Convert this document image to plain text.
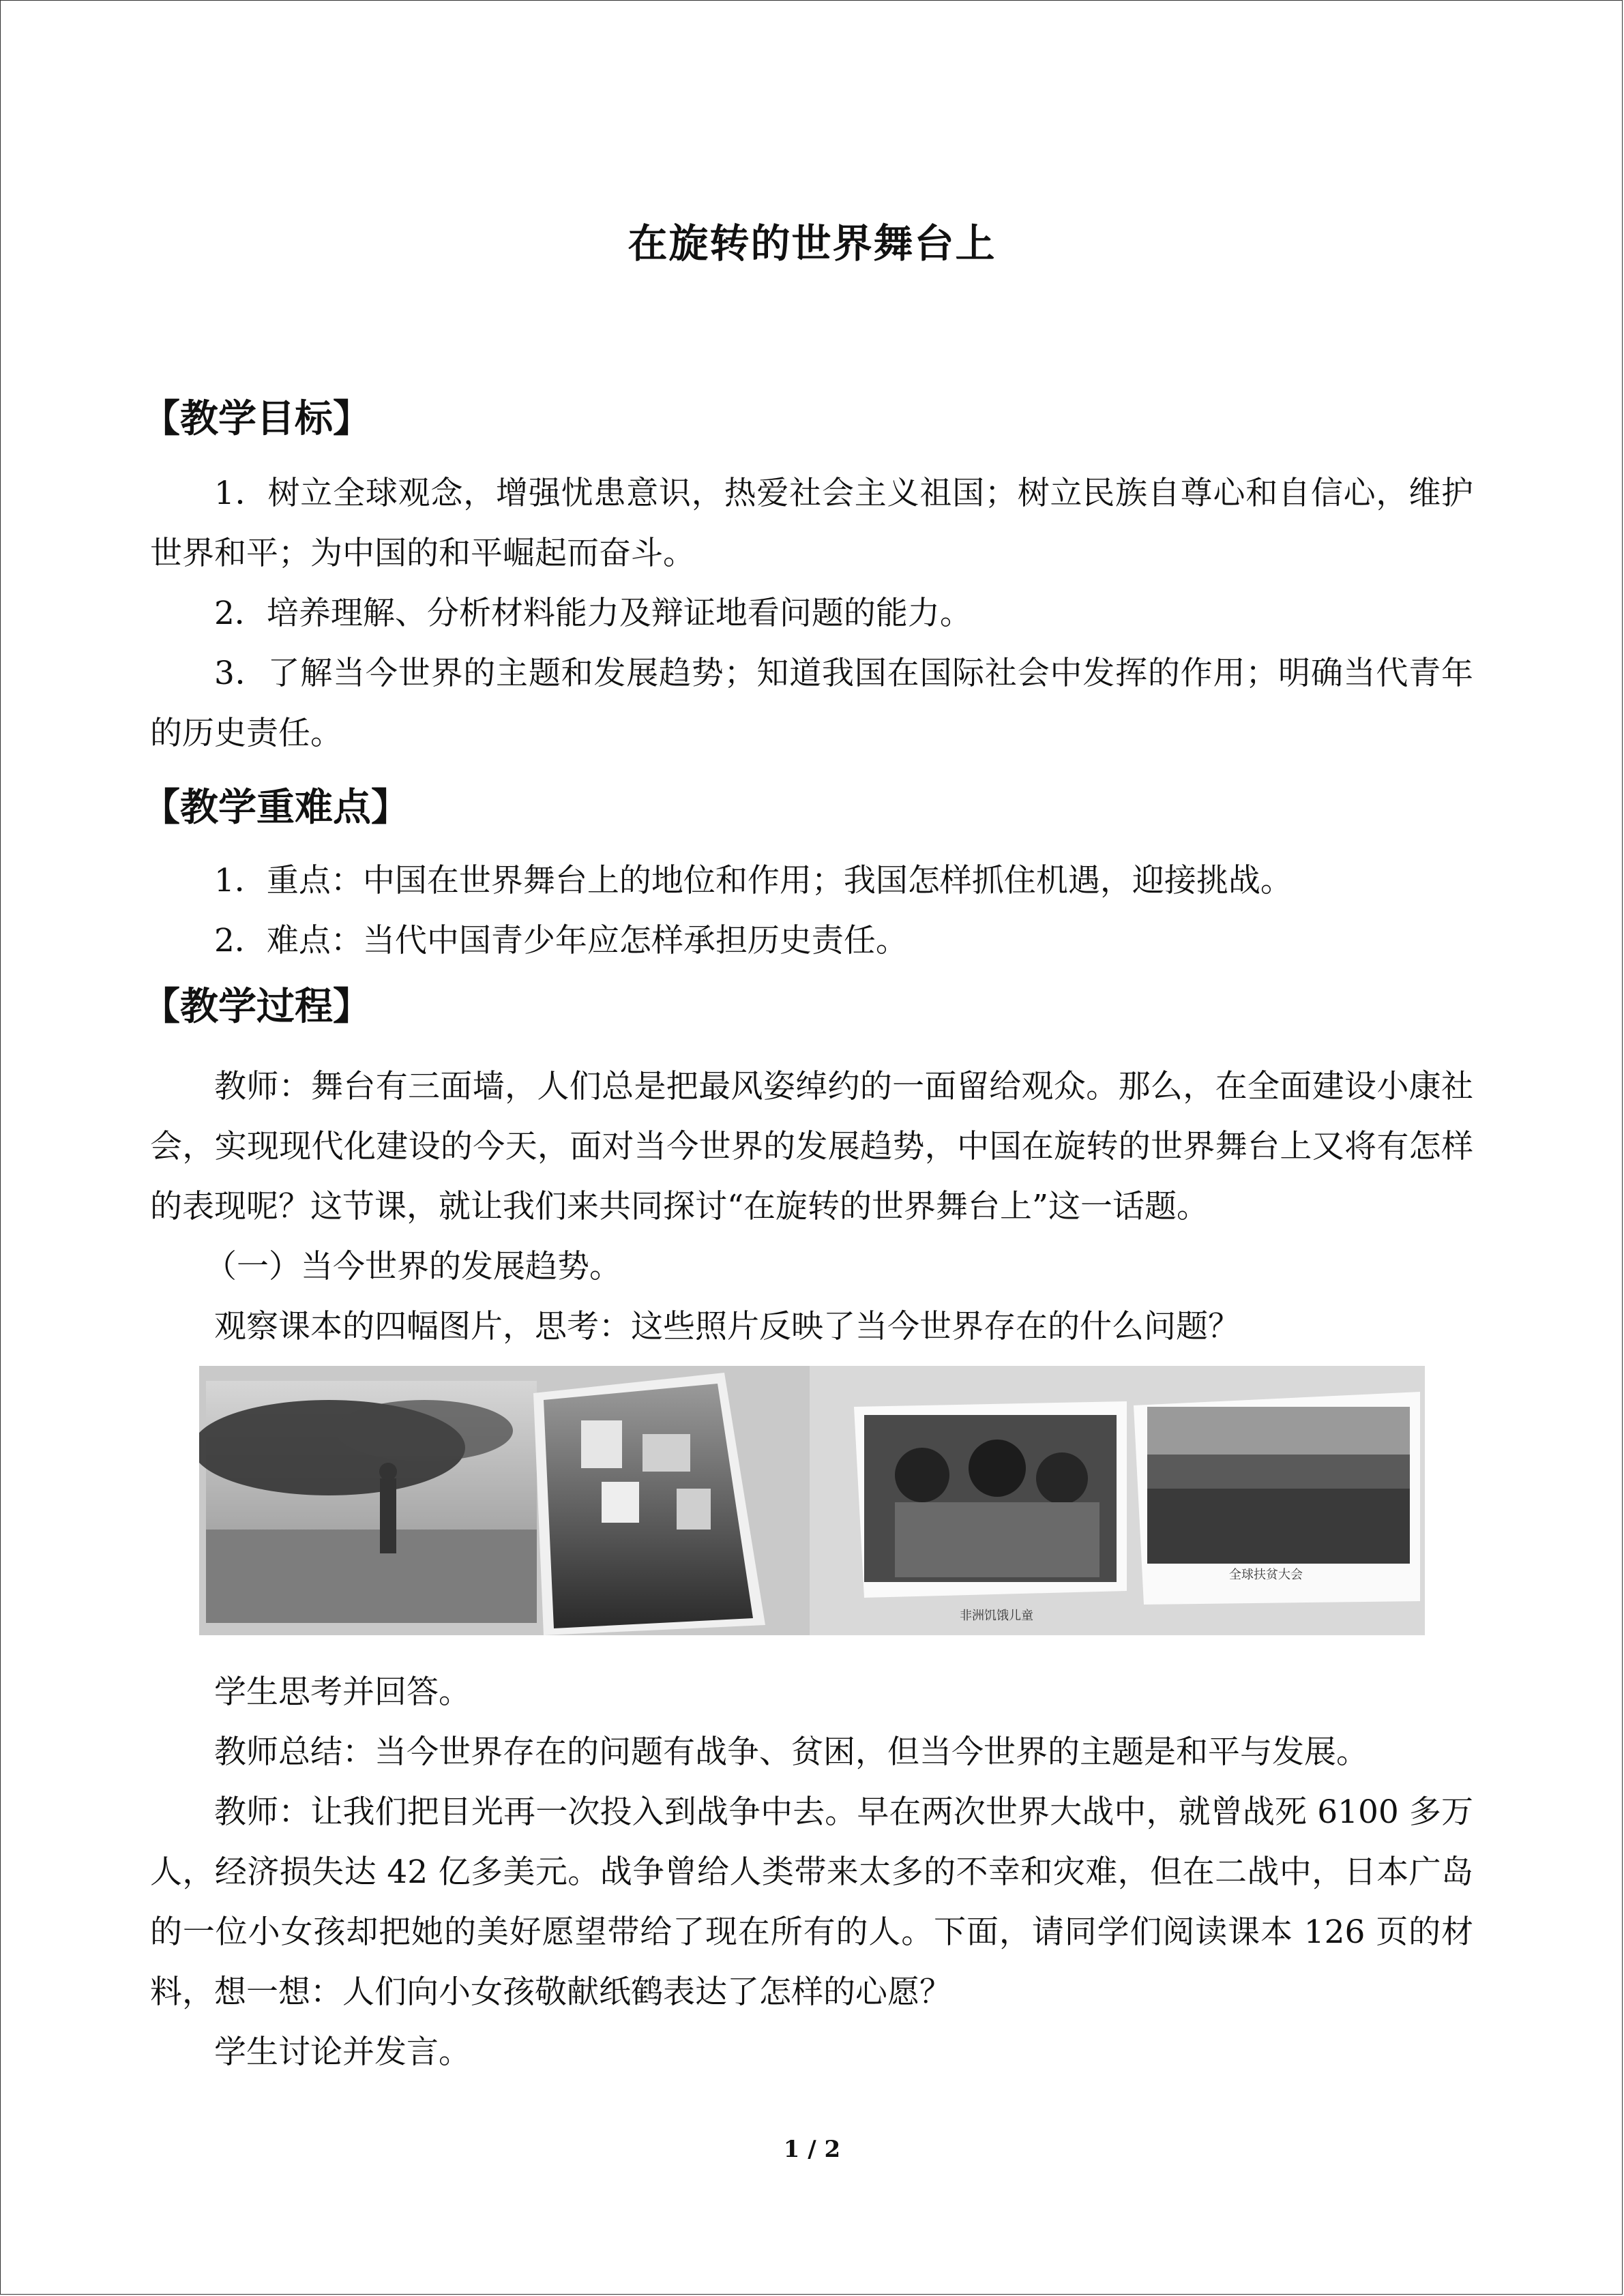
在旋转的世界舞台上
【教学目标】

1．树立全球观念，增强忧患意识，热爱社会主义祖国；树立民族自尊心和自信心，维护世界和平；为中国的和平崛起而奋斗。

2．培养理解、分析材料能力及辩证地看问题的能力。

3．了解当今世界的主题和发展趋势；知道我国在国际社会中发挥的作用；明确当代青年的历史责任。

【教学重难点】

1．重点：中国在世界舞台上的地位和作用；我国怎样抓住机遇，迎接挑战。

2．难点：当代中国青少年应怎样承担历史责任。

【教学过程】

教师：舞台有三面墙，人们总是把最风姿绰约的一面留给观众。那么，在全面建设小康社会，实现现代化建设的今天，面对当今世界的发展趋势，中国在旋转的世界舞台上又将有怎样的表现呢？这节课，就让我们来共同探讨“在旋转的世界舞台上”这一话题。

（一）当今世界的发展趋势。

观察课本的四幅图片，思考：这些照片反映了当今世界存在的什么问题？

非洲饥饿儿童
全球扶贫大会

学生思考并回答。

教师总结：当今世界存在的问题有战争、贫困，但当今世界的主题是和平与发展。

教师：让我们把目光再一次投入到战争中去。早在两次世界大战中，就曾战死 6100 多万人，经济损失达 42 亿多美元。战争曾给人类带来太多的不幸和灾难，但在二战中，日本广岛的一位小女孩却把她的美好愿望带给了现在所有的人。下面，请同学们阅读课本 126 页的材料，想一想：人们向小女孩敬献纸鹤表达了怎样的心愿？

学生讨论并发言。

1 / 2
